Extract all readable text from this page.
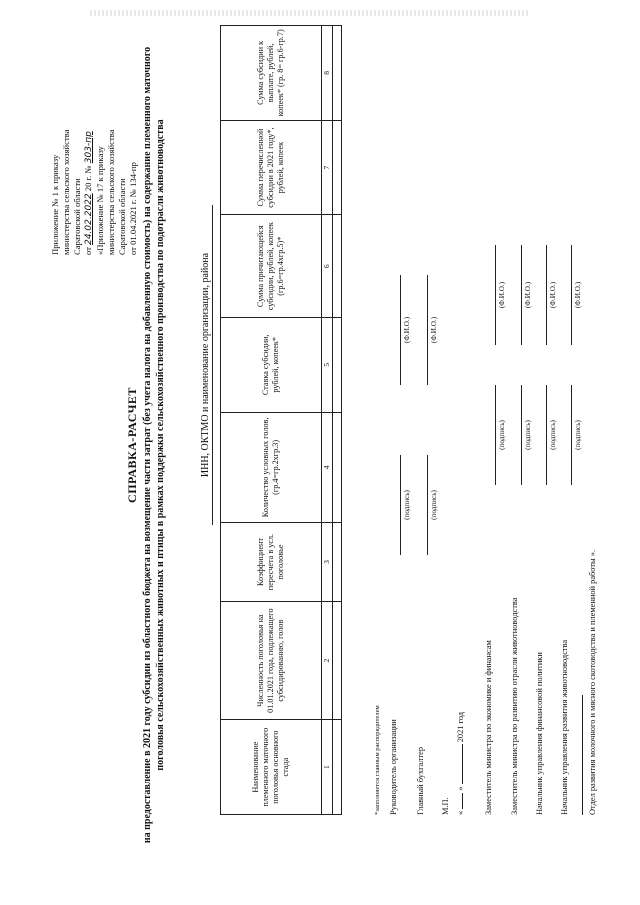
Приложение № 1 к приказу министерства сельского хозяйства Саратовской области от 24.02.2022 20 г. № 303-пр «Приложение № 17 к приказу министерства сельского хозяйства Саратовской области от 01.04.2021 г. № 134-пр
СПРАВКА-РАСЧЕТ на предоставление в 2021 году субсидии из областного бюджета на возмещение части затрат (без учета налога на добавленную стоимость) на содержание племенного маточного поголовья сельскохозяйственных животных и птицы в рамках поддержки сельскохозяйственного производства по подотрасли животноводства	ИНН, ОКТМО и наименование организации, района
Наименование племенного маточного поголовья основного стада	Численность поголовья на 01.01.2021 года, подлежащего субсидированию, голов	Коэффициент пересчета в усл. поголовье	Количество условных голов, (гр.4=гр.2хгр.3)	Ставка субсидии, рублей, копеек*	Сумма причитающейся субсидии, рублей, копеек (гр.6=гр.4хгр.5)*	Сумма перечисленной субсидии в 2021 году*, рублей, копеек	Сумма субсидии к выплате, рублей, копеек* (гр. 8= гр.6-гр.7)
1	2	3	4	5	6	7	8

*заполняется главным распорядителем Руководитель организации
(подпись)
(Ф.И.О.)
Главный бухгалтер
(подпись)
(Ф.И.О.)
М.П. «  »  2021 год Заместитель министра по экономике и финансам
(подпись)
(Ф.И.О.)
Заместитель министра по развитию отрасли животноводства
(подпись)
(Ф.И.О.)
Начальник управления финансовой политики
(подпись)
(Ф.И.О.)
Начальник управления развития животноводства
(подпись)
(Ф.И.О.)
Отдел развития молочного и мясного скотоводства и племенной работы ».
